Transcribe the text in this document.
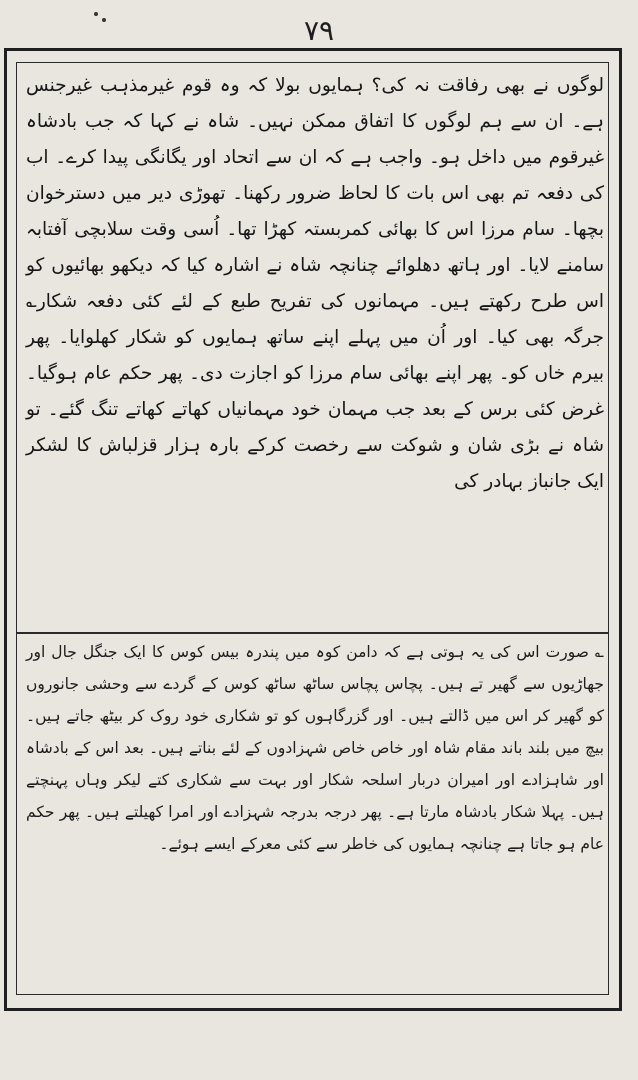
۷۹

لوگوں نے بھی رفاقت نہ کی؟ ہمایوں بولا کہ وہ قوم غیرمذہب غیرجنس ہے۔ ان سے ہم لوگوں کا اتفاق ممکن نہیں۔ شاہ نے کہا کہ جب بادشاہ غیرقوم میں داخل ہو۔ واجب ہے کہ ان سے اتحاد اور یگانگی پیدا کرے۔ اب کی دفعہ تم بھی اس بات کا لحاظ ضرور رکھنا۔ تھوڑی دیر میں دسترخوان بچھا۔ سام مرزا اس کا بھائی کمربستہ کھڑا تھا۔ اُسی وقت سلابچی آفتابہ سامنے لایا۔ اور ہاتھ دھلوائے چنانچہ شاہ نے اشارہ کیا کہ دیکھو بھائیوں کو اس طرح رکھتے ہیں۔ مہمانوں کی تفریح طبع کے لئے کئی دفعہ شکار؎ جرگہ بھی کیا۔ اور اُن میں پہلے اپنے ساتھ ہمایوں کو شکار کھلوایا۔ پھر بیرم خاں کو۔ پھر اپنے بھائی سام مرزا کو اجازت دی۔ پھر حکم عام ہوگیا۔ غرض کئی برس کے بعد جب مہمان خود مہمانیاں کھاتے کھاتے تنگ گئے۔ تو شاہ نے بڑی شان و شوکت سے رخصت کرکے بارہ ہزار قزلباش کا لشکر ایک جانباز بہادر کی

؎ صورت اس کی یہ ہوتی ہے کہ دامن کوہ میں پندرہ بیس کوس کا ایک جنگل جال اور جھاڑیوں سے گھیر تے ہیں۔ پچاس پچاس ساٹھ ساٹھ کوس کے گردے سے وحشی جانوروں کو گھیر کر اس میں ڈالتے ہیں۔ اور گزرگاہوں کو تو شکاری خود روک کر بیٹھ جاتے ہیں۔ بیچ میں بلند باند مقام شاہ اور خاص خاص شہزادوں کے لئے بناتے ہیں۔ بعد اس کے بادشاہ اور شاہزادے اور امیران دربار اسلحہ شکار اور بہت سے شکاری کتے لیکر وہاں پہنچتے ہیں۔ پہلا شکار بادشاہ مارتا ہے۔ پھر درجہ بدرجہ شہزادے اور امرا کھیلتے ہیں۔ پھر حکم عام ہو جاتا ہے چنانچہ ہمایوں کی خاطر سے کئی معرکے ایسے ہوئے۔
